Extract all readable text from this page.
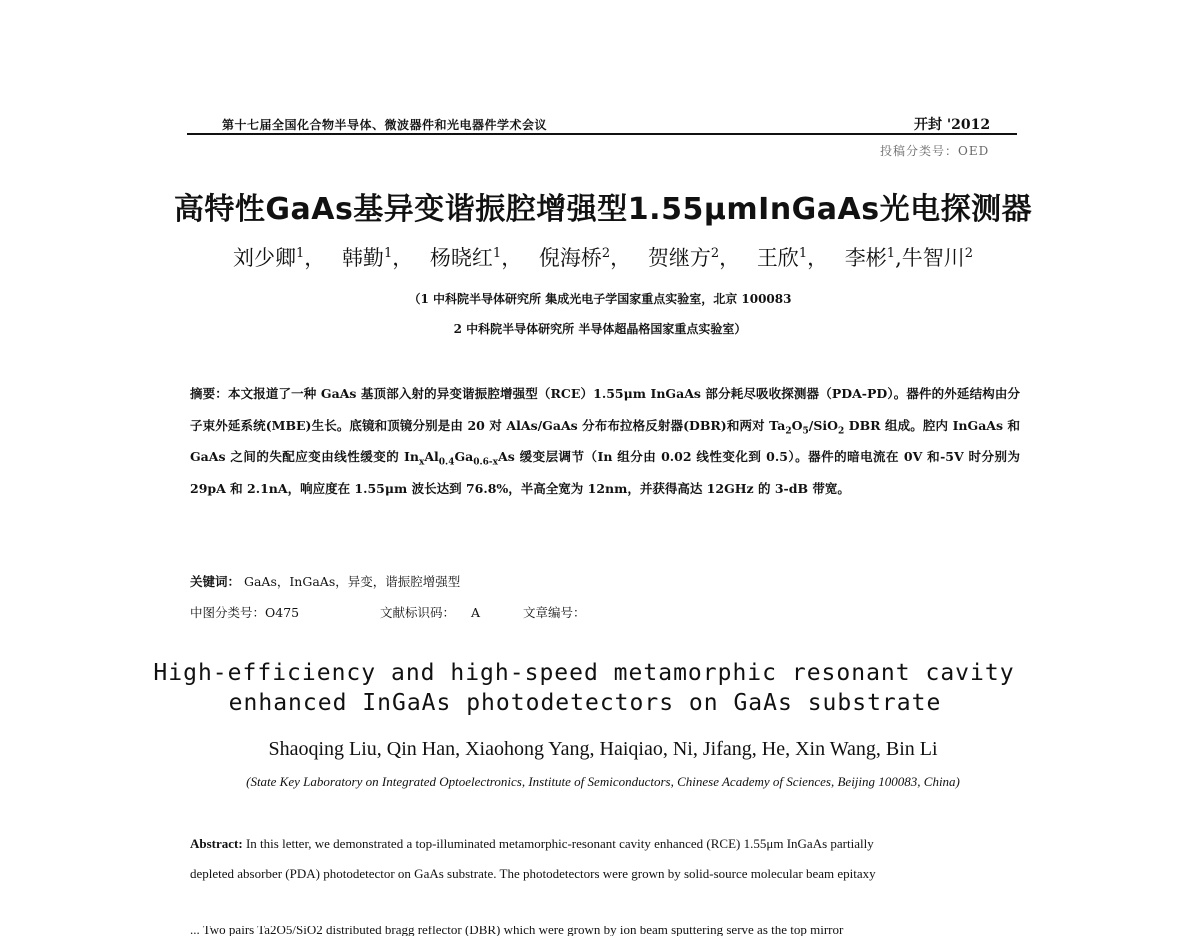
第十七届全国化合物半导体、微波器件和光电器件学术会议	开封 '2012
投稿分类号：OED
高特性GaAs基异变谐振腔增强型1.55μmInGaAs光电探测器
刘少卿$^1$， 韩勤$^1$， 杨晓红$^1$， 倪海桥$^2$， 贺继方$^2$， 王欣$^1$， 李彬$^1$,牛智川$^2$
（1 中科院半导体研究所 集成光电子学国家重点实验室，北京 100083
2 中科院半导体研究所 半导体超晶格国家重点实验室）
摘要：本文报道了一种 GaAs 基顶部入射的异变谐振腔增强型（RCE）1.55μm InGaAs 部分耗尽吸收探测器（PDA-PD）。器件的外延结构由分子束外延系统(MBE)生长。底镜和顶镜分别是由 20 对 AlAs/GaAs 分布布拉格反射器(DBR)和两对 $Ta_2O_5/SiO_2$ DBR 组成。腔内 InGaAs 和 GaAs 之间的失配应变由线性缓变的 $In_xAl_{0.4}Ga_{0.6-x}As$ 缓变层调节（In 组分由 0.02 线性变化到 0.5）。器件的暗电流在 0V 和-5V 时分别为 29pA 和 2.1nA，响应度在 1.55μm 波长达到 76.8%，半高全宽为 12nm，并获得高达 12GHz 的 3-dB 带宽。
关键词： GaAs，InGaAs，异变，谐振腔增强型
中图分类号：O475	文献标识码： A	文章编号：
High-efficiency and high-speed metamorphic resonant cavity
enhanced InGaAs photodetectors on GaAs substrate
Shaoqing Liu, Qin Han, Xiaohong Yang, Haiqiao, Ni, Jifang, He, Xin Wang, Bin Li
(State Key Laboratory on Integrated Optoelectronics, Institute of Semiconductors, Chinese Academy of Sciences, Beijing 100083, China)
Abstract: In this letter, we demonstrated a top-illuminated metamorphic-resonant cavity enhanced (RCE) 1.55μm InGaAs partially
depleted absorber (PDA) photodetector on GaAs substrate. The photodetectors were grown by solid-source molecular beam epitaxy
... Two pairs Ta2O5/SiO2 distributed bragg reflector (DBR) which were grown by ion beam sputtering serve as the top mirror
